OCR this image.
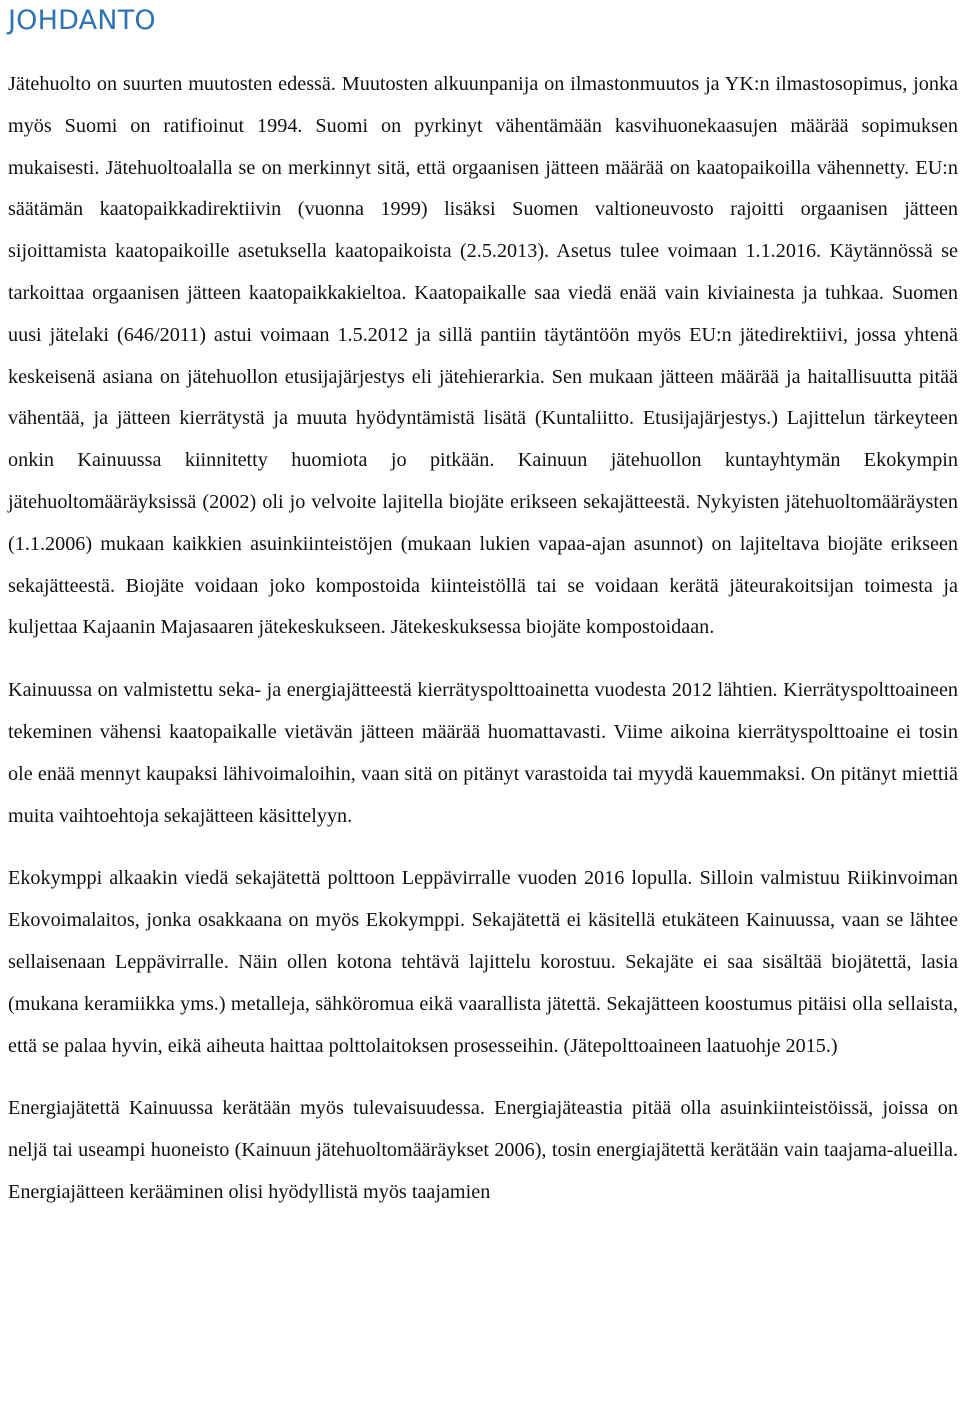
JOHDANTO

Jätehuolto on suurten muutosten edessä. Muutosten alkuunpanija on ilmastonmuutos ja YK:n ilmastosopimus, jonka myös Suomi on ratifioinut 1994. Suomi on pyrkinyt vähentämään kasvihuonekaasujen määrää sopimuksen mukaisesti. Jätehuoltoalalla se on merkinnyt sitä, että orgaanisen jätteen määrää on kaatopaikoilla vähennetty. EU:n säätämän kaatopaikkadirektiivin (vuonna 1999) lisäksi Suomen valtioneuvosto rajoitti orgaanisen jätteen sijoittamista kaatopaikoille asetuksella kaatopaikoista (2.5.2013). Asetus tulee voimaan 1.1.2016. Käytännössä se tarkoittaa orgaanisen jätteen kaatopaikkakieltoa. Kaatopaikalle saa viedä enää vain kiviainesta ja tuhkaa. Suomen uusi jätelaki (646/2011) astui voimaan 1.5.2012 ja sillä pantiin täytäntöön myös EU:n jätedirektiivi, jossa yhtenä keskeisenä asiana on jätehuollon etusijajärjestys eli jätehierarkia. Sen mukaan jätteen määrää ja haitallisuutta pitää vähentää, ja jätteen kierrätystä ja muuta hyödyntämistä lisätä (Kuntaliitto. Etusijajärjestys.) Lajittelun tärkeyteen onkin Kainuussa kiinnitetty huomiota jo pitkään. Kainuun jätehuollon kuntayhtymän Ekokympin jätehuoltomääräyksissä (2002) oli jo velvoite lajitella biojäte erikseen sekajätteestä. Nykyisten jätehuoltomääräysten (1.1.2006) mukaan kaikkien asuinkiinteistöjen (mukaan lukien vapaa-ajan asunnot) on lajiteltava biojäte erikseen sekajätteestä. Biojäte voidaan joko kompostoida kiinteistöllä tai se voidaan kerätä jäteurakoitsijan toimesta ja kuljettaa Kajaanin Majasaaren jätekeskukseen. Jätekeskuksessa biojäte kompostoidaan.

Kainuussa on valmistettu seka- ja energiajätteestä kierrätyspolttoainetta vuodesta 2012 lähtien. Kierrätyspolttoaineen tekeminen vähensi kaatopaikalle vietävän jätteen määrää huomattavasti. Viime aikoina kierrätyspolttoaine ei tosin ole enää mennyt kaupaksi lähivoimaloihin, vaan sitä on pitänyt varastoida tai myydä kauemmaksi. On pitänyt miettiä muita vaihtoehtoja sekajätteen käsittelyyn.

Ekokymppi alkaakin viedä sekajätettä polttoon Leppävirralle vuoden 2016 lopulla. Silloin valmistuu Riikinvoiman Ekovoimalaitos, jonka osakkaana on myös Ekokymppi. Sekajätettä ei käsitellä etukäteen Kainuussa, vaan se lähtee sellaisenaan Leppävirralle. Näin ollen kotona tehtävä lajittelu korostuu. Sekajäte ei saa sisältää biojätettä, lasia (mukana keramiikka yms.) metalleja, sähköromua eikä vaarallista jätettä. Sekajätteen koostumus pitäisi olla sellaista, että se palaa hyvin, eikä aiheuta haittaa polttolaitoksen prosesseihin. (Jätepolttoaineen laatuohje 2015.)

Energiajätettä Kainuussa kerätään myös tulevaisuudessa. Energiajäteastia pitää olla asuinkiinteistöissä, joissa on neljä tai useampi huoneisto (Kainuun jätehuoltomääräykset 2006), tosin energiajätettä kerätään vain taajama-alueilla. Energiajätteen kerääminen olisi hyödyllistä myös taajamien
